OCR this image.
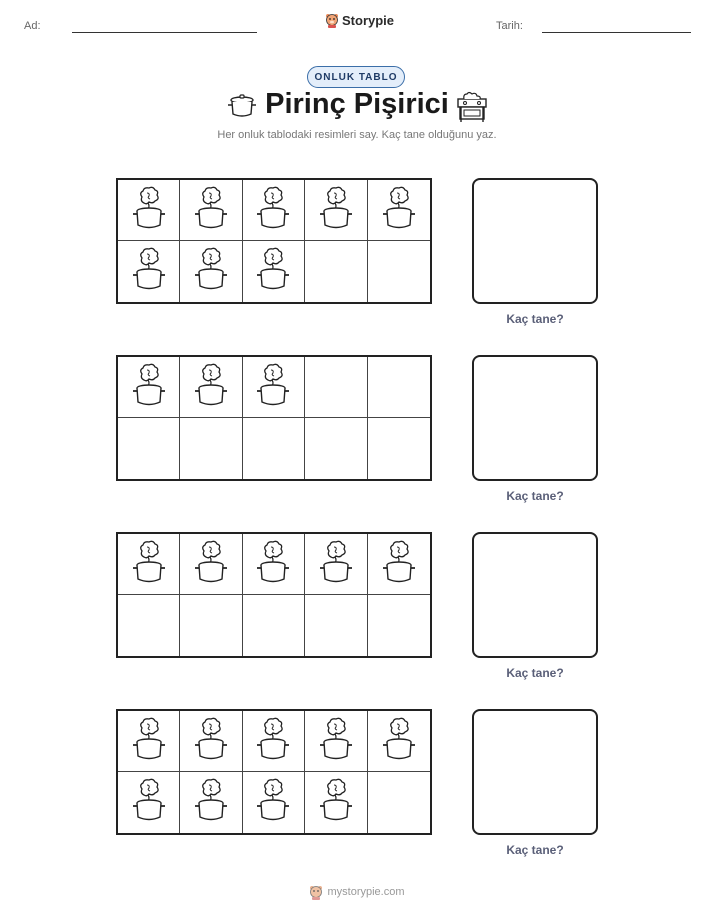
Ad:	Storypie	Tarih:
ONLUK TABLO
Pirinç Pişirici
Her onluk tablodaki resimleri say. Kaç tane olduğunu yaz.
Kaç tane?
Kaç tane?
Kaç tane?
Kaç tane?
mystorypie.com
